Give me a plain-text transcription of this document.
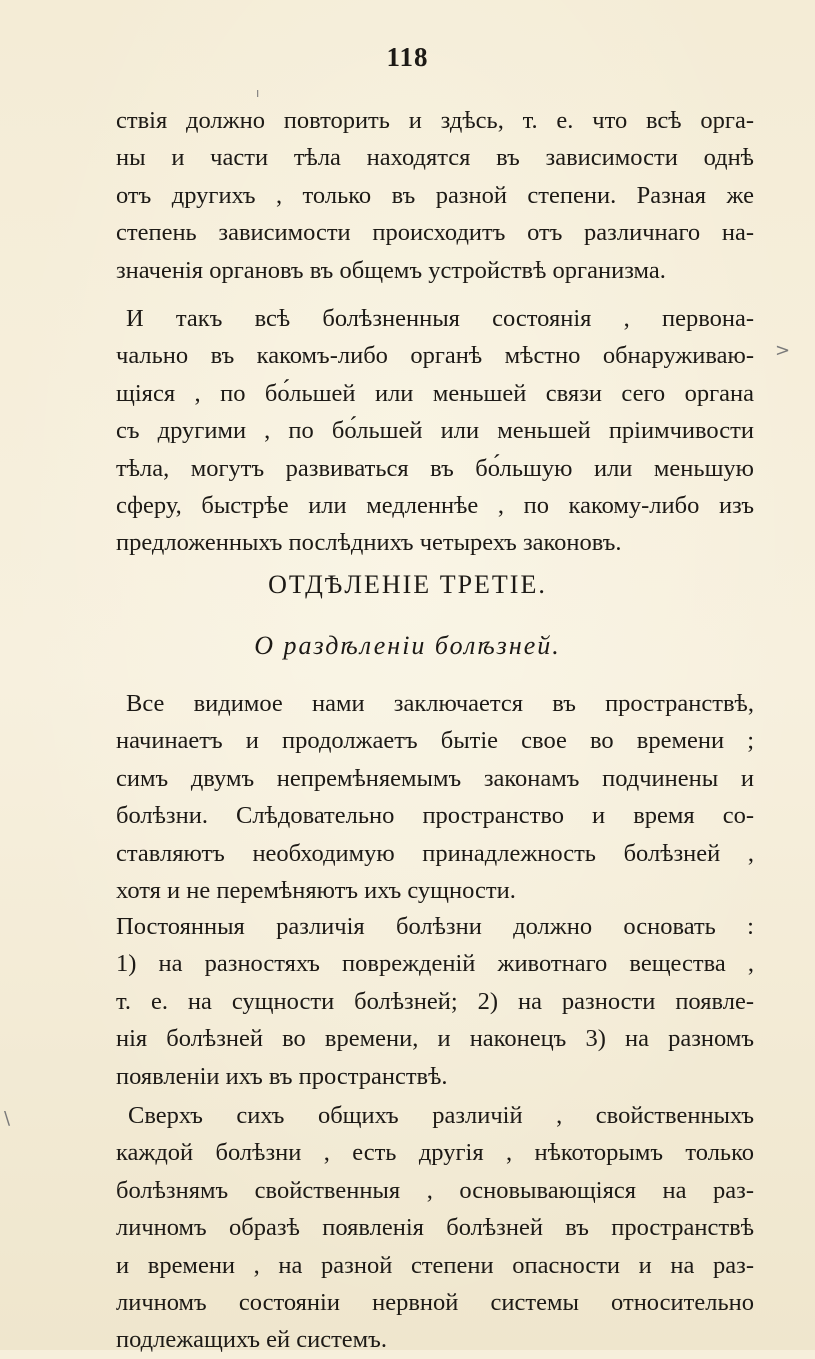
118
ствія должно повторить и здѣсь, т. е. что всѣ орга-
ны и части тѣла находятся въ зависимости однѣ
отъ другихъ , только въ разной степени. Разная же
степень зависимости происходитъ отъ различнаго на-
значенія органовъ въ общемъ устройствѣ организма.
И такъ всѣ болѣзненныя состоянія , первона-
чально въ какомъ-либо органѣ мѣстно обнаруживаю-
щіяся , по бо́льшей или меньшей связи сего органа
съ другими , по бо́льшей или меньшей пріимчивости
тѣла, могутъ развиваться въ бо́льшую или меньшую
сферу, быстрѣе или медленнѣе , по какому-либо изъ
предложенныхъ послѣднихъ четырехъ законовъ.
ОТДѢЛЕНІЕ ТРЕТІЕ.
О раздѣленіи болѣзней.
Все видимое нами заключается въ пространствѣ,
начинаетъ и продолжаетъ бытіе свое во времени ;
симъ двумъ непремѣняемымъ законамъ подчинены и
болѣзни. Слѣдовательно пространство и время со-
ставляютъ необходимую принадлежность болѣзней ,
хотя и не перемѣняютъ ихъ сущности.
Постоянныя различія болѣзни должно основать :
1) на разностяхъ поврежденій животнаго вещества ,
т. е. на сущности болѣзней; 2) на разности появле-
нія болѣзней во времени, и наконецъ 3) на разномъ
появленіи ихъ въ пространствѣ.
Сверхъ сихъ общихъ различій , свойственныхъ
каждой болѣзни , есть другія , нѣкоторымъ только
болѣзнямъ свойственныя , основывающіяся на раз-
личномъ образѣ появленія болѣзней въ пространствѣ
и времени , на разной степени опасности и на раз-
личномъ состояніи нервной системы относительно
подлежащихъ ей системъ.
ı
>
\
